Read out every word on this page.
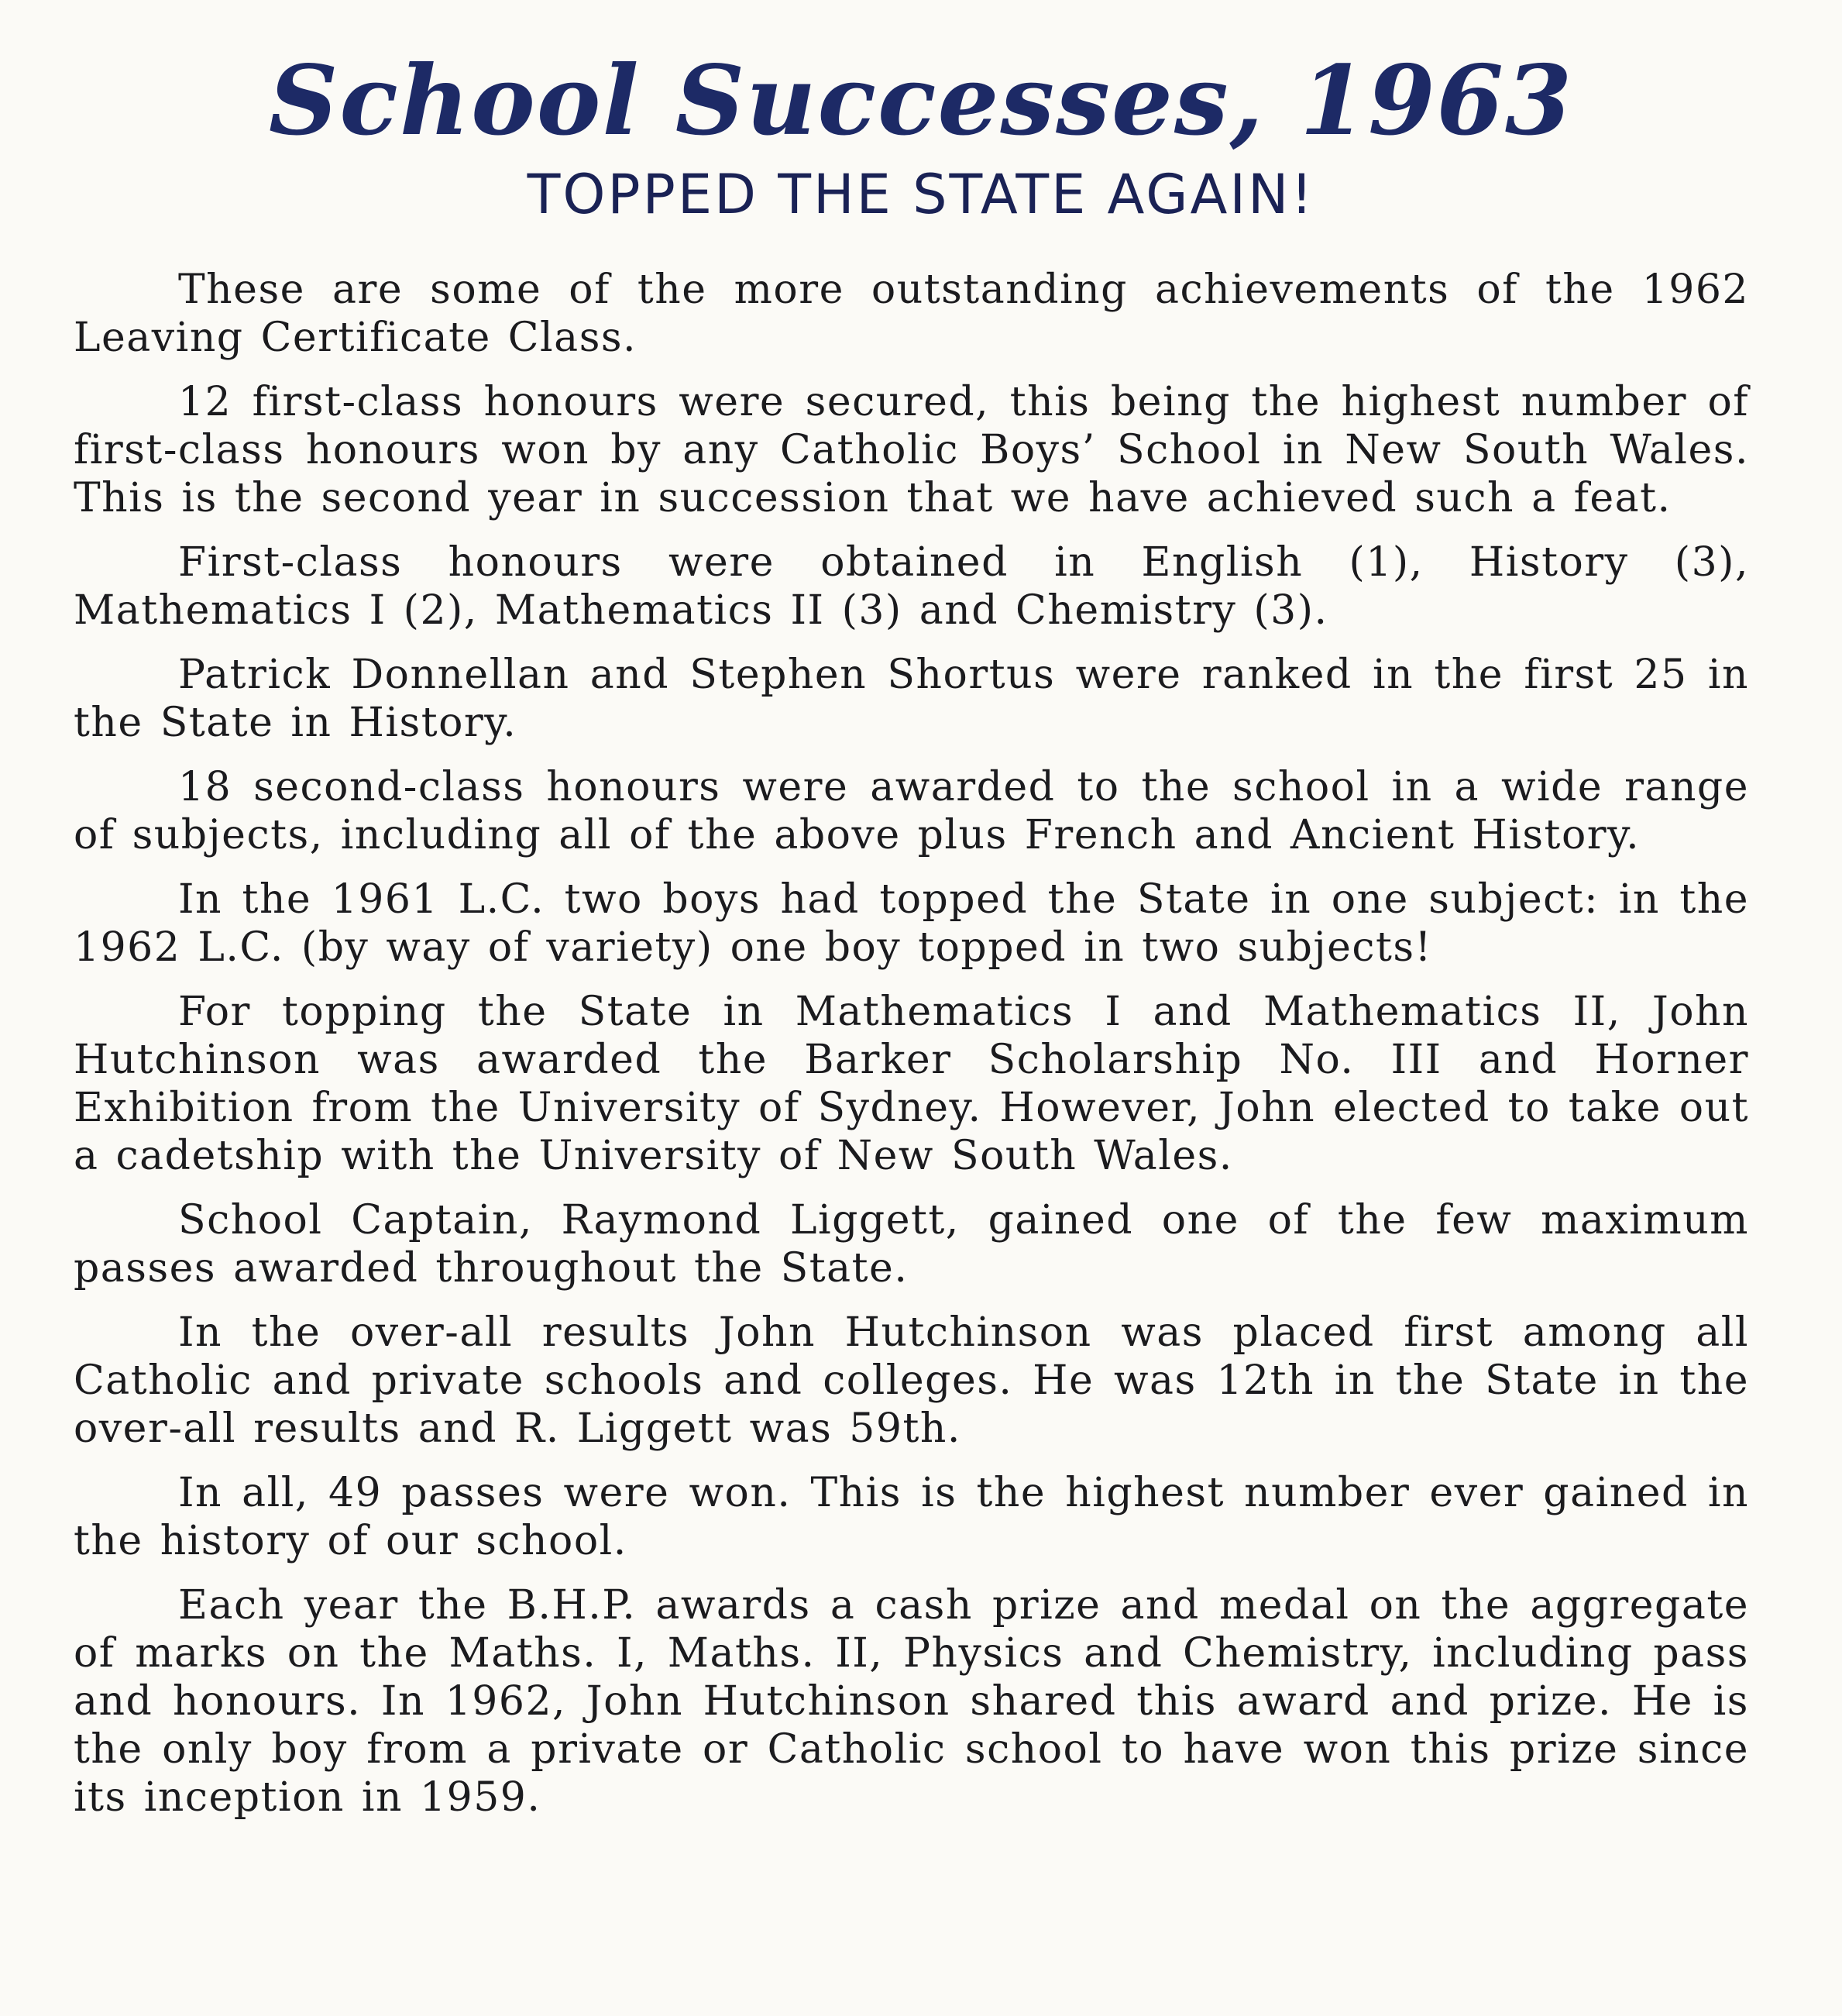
School Successes, 1963
TOPPED THE STATE AGAIN!

These are some of the more outstanding achievements of the 1962 Leaving Certificate Class.

12 first-class honours were secured, this being the highest number of first-class honours won by any Catholic Boys’ School in New South Wales. This is the second year in succession that we have achieved such a feat.

First-class honours were obtained in English (1), History (3), Mathematics I (2), Mathematics II (3) and Chemistry (3).

Patrick Donnellan and Stephen Shortus were ranked in the first 25 in the State in History.

18 second-class honours were awarded to the school in a wide range of subjects, including all of the above plus French and Ancient History.

In the 1961 L.C. two boys had topped the State in one subject: in the 1962 L.C. (by way of variety) one boy topped in two subjects!

For topping the State in Mathematics I and Mathematics II, John Hutchinson was awarded the Barker Scholarship No. III and Horner Exhibition from the University of Sydney. However, John elected to take out a cadetship with the University of New South Wales.

School Captain, Raymond Liggett, gained one of the few maximum passes awarded throughout the State.

In the over-all results John Hutchinson was placed first among all Catholic and private schools and colleges. He was 12th in the State in the over-all results and R. Liggett was 59th.

In all, 49 passes were won. This is the highest number ever gained in the history of our school.

Each year the B.H.P. awards a cash prize and medal on the aggregate of marks on the Maths. I, Maths. II, Physics and Chemistry, including pass and honours. In 1962, John Hutchinson shared this award and prize. He is the only boy from a private or Catholic school to have won this prize since its inception in 1959.
